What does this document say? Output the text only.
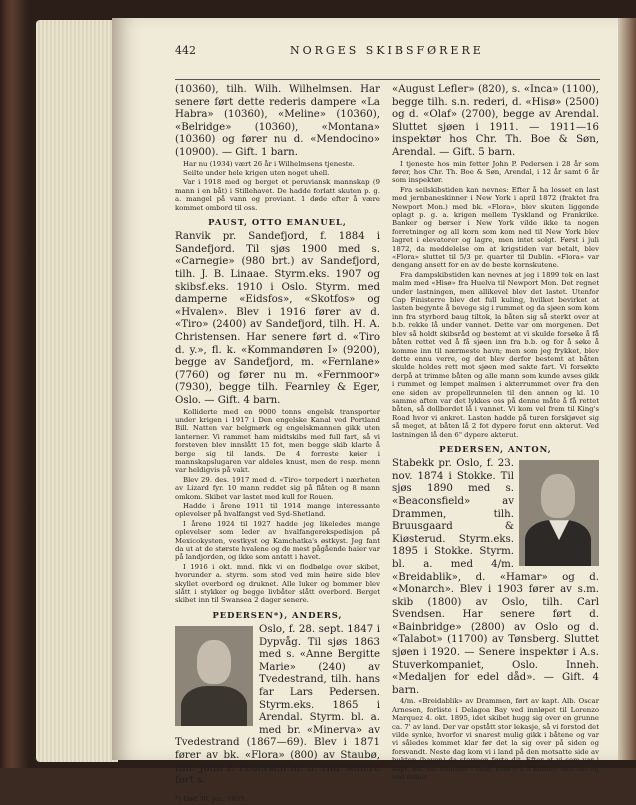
442	NORGES SKIBSFØRERE

(10360), tilh. Wilh. Wilhelmsen. Har senere ført dette rederis dampere «La Habra» (10360), «Meline» (10360), «Belridge» (10360), «Montana» (10360) og fører nu d. «Mendocino» (10900). — Gift. 1 barn.

Har nu (1934) vært 26 år i Wilhelmsens tjeneste.

Seilte under hele krigen uten noget uhell.

Var i 1918 med og berget et peruviansk mannskap (9 mann i en båt) i Stillehavet. De hadde forlatt skuten p. g. a. mangel på vann og proviant. 1 døde efter å være kommet ombord til oss.

PAUST, OTTO EMANUEL,

Ranvik pr. Sandefjord, f. 1884 i Sandefjord. Til sjøs 1900 med s. «Carnegie» (980 brt.) av Sandefjord, tilh. J. B. Linaae. Styrm.eks. 1907 og skibsf.eks. 1910 i Oslo. Styrm. med damperne «Eidsfos», «Skotfos» og «Hvalen». Blev i 1916 fører av d. «Tiro» (2400) av Sandefjord, tilh. H. A. Christensen. Har senere ført d. «Tiro d. y.», fl. k. «Kommandøren I» (9200), begge av Sandefjord, m. «Fernlane» (7760) og fører nu m. «Fernmoor» (7930), begge tilh. Fearnley & Eger, Oslo. — Gift. 4 barn.

Kolliderte med en 9000 tonns engelsk transporter under krigen i 1917 i Den engelske Kanal ved Portland Bill. Natten var belgmørk og engelskmannen gikk uten lanterner. Vi rammet ham midtskibs med full fart, så vi forsteven blev innslått 15 fot, men begge skib klarte å berge sig til lands. De 4 forreste køier i mannskapslugaren var aldeles knust, men de resp. menn var heldigvis på vakt.

Blev 29. des. 1917 med d. «Tiro» torpedert i nærheten av Lizard fyr. 10 mann reddet sig på flåten og 8 mann omkom. Skibet var lastet med kull for Rouen.

Hadde i årene 1911 til 1914 mange interessante oplevelser på hvalfangst ved Syd-Shetland.

I årene 1924 til 1927 hadde jeg likeledes mange oplevelser som leder av hvalfangerekspedisjon på Mexicokysten, vestkyst og Kamchatka's østkyst. Jeg fant da ut at de største hvalene og de mest pågående haier var på landjorden, og ikke som antatt i havet.

I 1916 i okt. mnd. fikk vi en flodbølge over skibet, hvorunder a. styrm. som stod ved min høire side blev skyllet overbord og druknet. Alle luker og bommer blev slått i stykker og begge livbåter slått overbord. Berget skibet inn til Swansea 2 dager senere.

PEDERSEN*), ANDERS,

Oslo, f. 28. sept. 1847 i Dypvåg. Til sjøs 1863 med s. «Anne Bergitte Marie» (240) av Tvedestrand, tilh. hans far Lars Pedersen. Styrm.eks. 1865 i Arendal. Styrm. bl. a. med br. «Minerva» av Tvedestrand (1867—69). Blev i 1871 fører av bk. «Flora» (800) av Staubø, tilh. John P. Pedersen m. fl. Har senere ført s.

*) Død 30. jan. 1935.

«August Lefler» (820), s. «Inca» (1100), begge tilh. s.n. rederi, d. «Hisø» (2500) og d. «Olaf» (2700), begge av Arendal. Sluttet sjøen i 1911. — 1911—16 inspektør hos Chr. Th. Boe & Søn, Arendal. — Gift. 5 barn.

I tjeneste hos min fetter John P. Pedersen i 28 år som fører, hos Chr. Th. Boe & Søn, Arendal, i 12 år samt 6 år som inspektør.

Fra seilskibstiden kan nevnes: Efter å ha losset en last med jernbaneskinner i New York i april 1872 (fraktet fra Newport Mon.) med bk. «Flora», blev skuten liggende oplagt p. g. a. krigen mellem Tyskland og Frankrike. Banker og børser i New York vilde ikke ta nogen forretninger og all korn som kom ned til New York blev lagret i elevatorer og lagre, men intet solgt. Først i juli 1872, da meddelelse om at krigstiden var betalt, blev «Flora» sluttet til 5/3 pr. quarter til Dublin. «Flora» var dengang ansett for en av de beste kornskutene.

Fra dampskibstiden kan nevnes at jeg i 1899 tok en last malm med «Hisø» fra Huelva til Newport Mon. Det regnet under lastningen, men allikevel blev det lastet. Utenfor Cap Finisterre blev det full kuling, hvilket bevirket at lasten begynte å bevege sig i rummet og da sjøen som kom inn fra styrbord baug tiltok, la båten sig så sterkt over at b.b. rekke lå under vannet. Dette var om morgenen. Det blev så holdt skibsråd og bestemt at vi skulde forsøke å få båten rettet ved å få sjøen inn fra b.b. og for å søke å komme inn til nærmeste havn; men som jeg frykket, blev dette ennu verre, og det blev derfor bestemt at båten skulde holdes rett mot sjøen med sakte fart. Vi forsøkte derpå at trimme båten og alle mann som kunde avses gikk i rummet og lempet malmen i akterrummet over fra den ene siden av propellrunnelen til den annen og kl. 10 samme aften var det lykkes oss på denne måte å få rettet båten, så dollbordet lå i vannet. Vi kom vel frem til King's Road hvor vi ankret. Lasten hadde på turen forskjøvet sig så meget, at båten lå 2 fot dypere forut enn akterut. Ved lastningen lå den 6" dypere akterut.

PEDERSEN, ANTON,

Stabekk pr. Oslo, f. 23. nov. 1874 i Stokke. Til sjøs 1890 med s. «Beaconsfield» av Drammen, tilh. Bruusgaard & Kiøsterud. Styrm.eks. 1895 i Stokke. Styrm. bl. a. med 4/m. «Breidablik», d. «Hamar» og d. «Monarch». Blev i 1903 fører av s.m. skib (1800) av Oslo, tilh. Carl Svendsen. Har senere ført d. «Bainbridge» (2800) av Oslo og d. «Talabot» (11700) av Tønsberg. Sluttet sjøen i 1920. — Senere inspektør i A.s. Stuverkompaniet, Oslo. Inneh. «Medaljen for edel dåd». — Gift. 4 barn.

4/m. «Breidablik» av Drammen, ført av kapt. Alb. Oscar Arnesen, forliste i Delagoa Bay ved innløpet til Lorenzo Marquez 4. okt. 1895, idet skibet hugg sig over en grunne ca. 7' av land. Der var opstått stor lekasje, så vi forstod det vilde synke, hvorfor vi snarest mulig gikk i båtene og var vi således kommet klar før det la sig over på siden og forsvandt. Neste dag kom vi i land på den motsatte side av bukten (bayen) da stormen førte dit. Efter at vi som var i kapt. båt var kommet i land, kom 6 à 8 kaffere mot oss og ved miner
